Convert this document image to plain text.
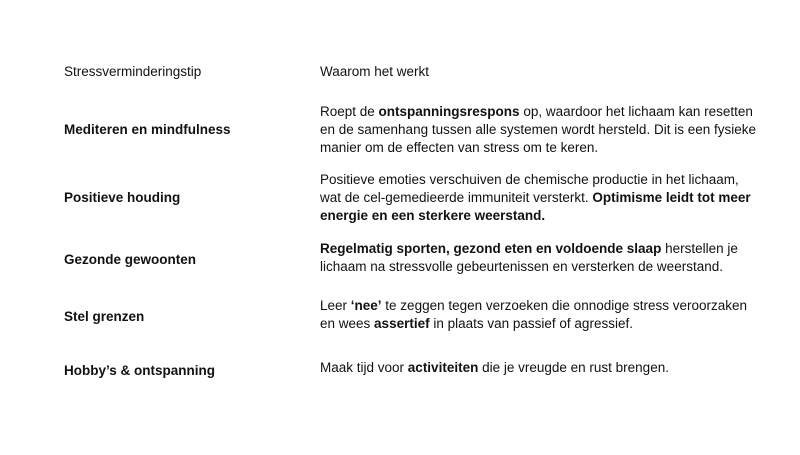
Stressverminderingstip	Waarom het werkt
Mediteren en mindfulness
Roept de ontspanningsrespons op, waardoor het lichaam kan resetten en de samenhang tussen alle systemen wordt hersteld. Dit is een fysieke manier om de effecten van stress om te keren.
Positieve houding
Positieve emoties verschuiven de chemische productie in het lichaam, wat de cel-gemedieerde immuniteit versterkt. Optimisme leidt tot meer energie en een sterkere weerstand.
Gezonde gewoonten
Regelmatig sporten, gezond eten en voldoende slaap herstellen je lichaam na stressvolle gebeurtenissen en versterken de weerstand.
Stel grenzen
Leer ‘nee’ te zeggen tegen verzoeken die onnodige stress veroorzaken en wees assertief in plaats van passief of agressief.
Hobby’s & ontspanning	Maak tijd voor activiteiten die je vreugde en rust brengen.
